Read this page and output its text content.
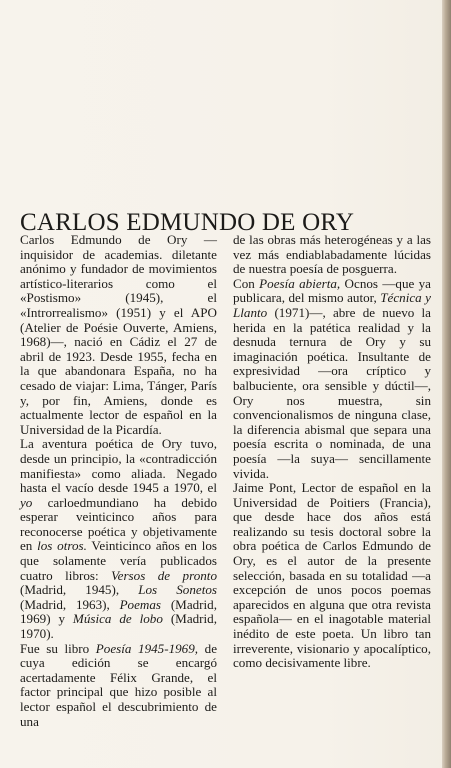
CARLOS EDMUNDO DE ORY

Carlos Edmundo de Ory —inquisidor de academias. diletante anónimo y fundador de movimientos artístico-literarios como el «Postismo» (1945), el «Introrrealismo» (1951) y el APO (Atelier de Poésie Ouverte, Amiens, 1968)—, nació en Cádiz el 27 de abril de 1923. Desde 1955, fecha en la que abandonara España, no ha cesado de viajar: Lima, Tánger, París y, por fin, Amiens, donde es actualmente lector de español en la Universidad de la Picardía.

La aventura poética de Ory tuvo, desde un principio, la «contradicción manifiesta» como aliada. Negado hasta el vacío desde 1945 a 1970, el yo carloedmundiano ha debido esperar veinticinco años para reconocerse poética y objetivamente en los otros. Veinticinco años en los que solamente vería publicados cuatro libros: Versos de pronto (Madrid, 1945), Los Sonetos (Madrid, 1963), Poemas (Madrid, 1969) y Música de lobo (Madrid, 1970).

Fue su libro Poesía 1945-1969, de cuya edición se encargó acertadamente Félix Grande, el factor principal que hizo posible al lector español el descubrimiento de una

de las obras más heterogéneas y a las vez más endiablabadamente lúcidas de nuestra poesía de posguerra.

Con Poesía abierta, Ocnos —que ya publicara, del mismo autor, Técnica y Llanto (1971)—, abre de nuevo la herida en la patética realidad y la desnuda ternura de Ory y su imaginación poética. Insultante de expresividad —ora críptico y balbuciente, ora sensible y dúctil—, Ory nos muestra, sin convencionalismos de ninguna clase, la diferencia abismal que separa una poesía escrita o nominada, de una poesía —la suya— sencillamente vivida.

Jaime Pont, Lector de español en la Universidad de Poitiers (Francia), que desde hace dos años está realizando su tesis doctoral sobre la obra poética de Carlos Edmundo de Ory, es el autor de la presente selección, basada en su totalidad —a excepción de unos pocos poemas aparecidos en alguna que otra revista española— en el inagotable material inédito de este poeta. Un libro tan irreverente, visionario y apocalíptico, como decisivamente libre.
